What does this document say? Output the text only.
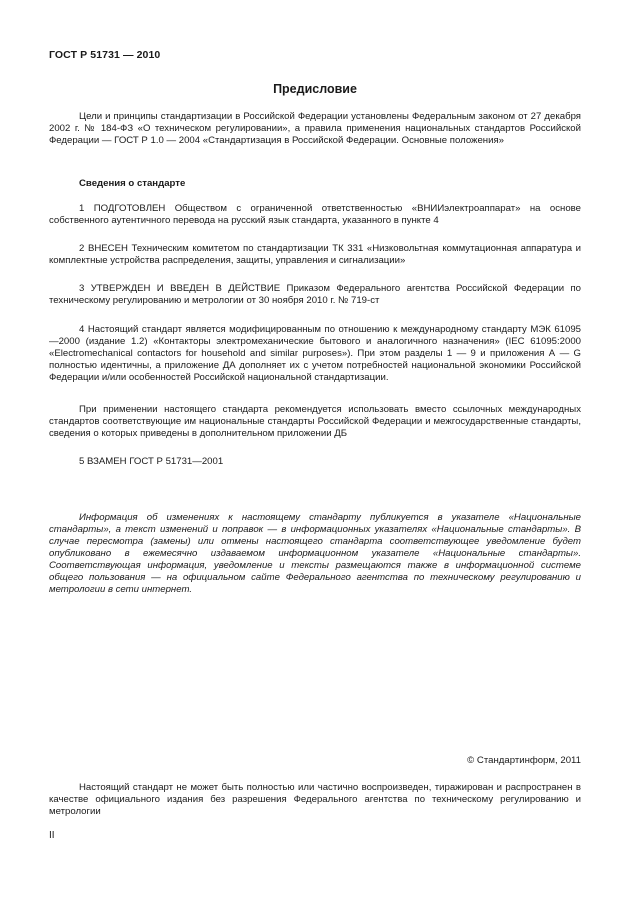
ГОСТ Р 51731 — 2010
Предисловие
Цели и принципы стандартизации в Российской Федерации установлены Федеральным законом от 27 декабря 2002 г. № 184-ФЗ «О техническом регулировании», а правила применения национальных стандартов Российской Федерации — ГОСТ Р 1.0 — 2004 «Стандартизация в Российской Федерации. Основные положения»
Сведения о стандарте
1 ПОДГОТОВЛЕН Обществом с ограниченной ответственностью «ВНИИэлектроаппарат» на основе собственного аутентичного перевода на русский язык стандарта, указанного в пункте 4
2 ВНЕСЕН Техническим комитетом по стандартизации ТК 331 «Низковольтная коммутационная аппаратура и комплектные устройства распределения, защиты, управления и сигнализации»
3 УТВЕРЖДЕН И ВВЕДЕН В ДЕЙСТВИЕ Приказом Федерального агентства Российской Федерации по техническому регулированию и метрологии от 30 ноября 2010 г. № 719-ст
4 Настоящий стандарт является модифицированным по отношению к международному стандарту МЭК 61095—2000 (издание 1.2) «Контакторы электромеханические бытового и аналогичного назначения» (IEC 61095:2000 «Electromechanical contactors for household and similar purposes»). При этом разделы 1 — 9 и приложения А — G полностью идентичны, а приложение ДА дополняет их с учетом потребностей национальной экономики Российской Федерации и/или особенностей Российской национальной стандартизации.
При применении настоящего стандарта рекомендуется использовать вместо ссылочных международных стандартов соответствующие им национальные стандарты Российской Федерации и межгосударственные стандарты, сведения о которых приведены в дополнительном приложении ДБ
5 ВЗАМЕН ГОСТ Р 51731—2001
Информация об изменениях к настоящему стандарту публикуется в указателе «Национальные стандарты», а текст изменений и поправок — в информационных указателях «Национальные стандарты». В случае пересмотра (замены) или отмены настоящего стандарта соответствующее уведомление будет опубликовано в ежемесячно издаваемом информационном указателе «Национальные стандарты». Соответствующая информация, уведомление и тексты размещаются также в информационной системе общего пользования — на официальном сайте Федерального агентства по техническому регулированию и метрологии в сети интернет.
© Стандартинформ, 2011
Настоящий стандарт не может быть полностью или частично воспроизведен, тиражирован и распространен в качестве официального издания без разрешения Федерального агентства по техническому регулированию и метрологии
II
